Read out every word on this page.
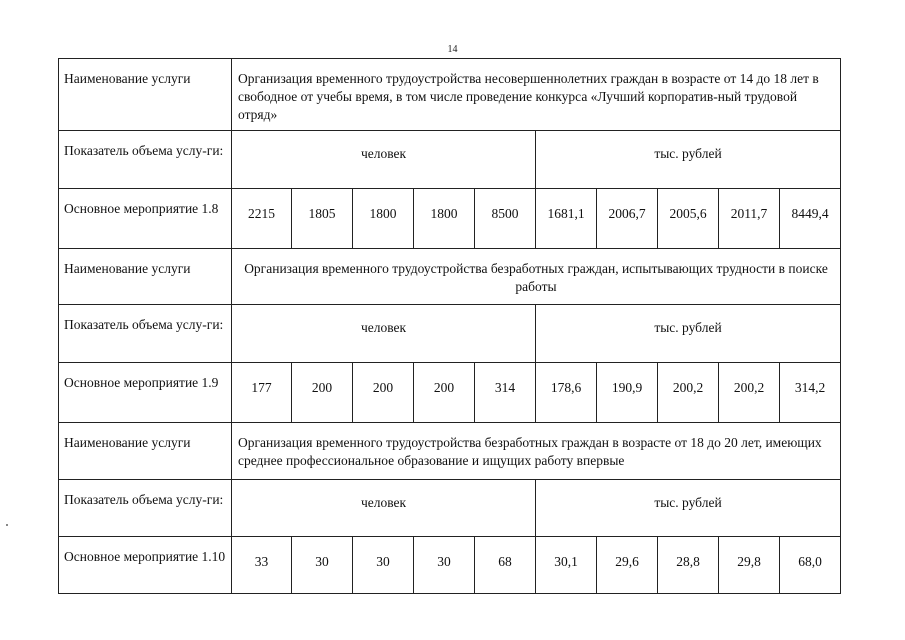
14
Наименование услуги	Организация временного трудоустройства несовершеннолетних граждан в возрасте от 14 до 18 лет в свободное от учебы время, в том числе проведение конкурса «Лучший корпоратив-ный трудовой отряд»									
Показатель объема услу-ги:	человек					тыс. рублей				
Основное мероприятие 1.8	2215	1805	1800	1800	8500	1681,1	2006,7	2005,6	2011,7	8449,4
Наименование услуги	Организация временного трудоустройства безработных граждан, испытывающих трудности в поиске работы									
Показатель объема услу-ги:	человек					тыс. рублей				
Основное мероприятие 1.9	177	200	200	200	314	178,6	190,9	200,2	200,2	314,2
Наименование услуги	Организация временного трудоустройства безработных граждан в возрасте от 18 до 20 лет, имеющих среднее профессиональное образование и ищущих работу впервые									
Показатель объема услу-ги:	человек					тыс. рублей				
Основное мероприятие 1.10	33	30	30	30	68	30,1	29,6	28,8	29,8	68,0
